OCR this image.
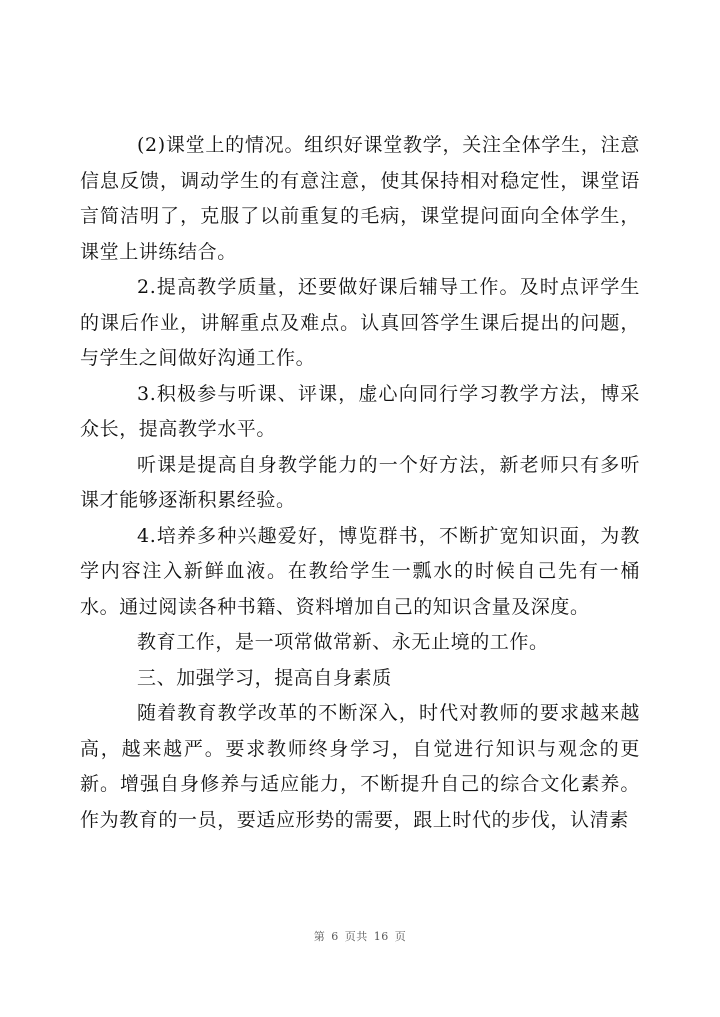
(2)课堂上的情况。组织好课堂教学，关注全体学生，注意信息反馈，调动学生的有意注意，使其保持相对稳定性，课堂语言简洁明了，克服了以前重复的毛病，课堂提问面向全体学生，课堂上讲练结合。

2.提高教学质量，还要做好课后辅导工作。及时点评学生的课后作业，讲解重点及难点。认真回答学生课后提出的问题，与学生之间做好沟通工作。

3.积极参与听课、评课，虚心向同行学习教学方法，博采众长，提高教学水平。

听课是提高自身教学能力的一个好方法，新老师只有多听课才能够逐渐积累经验。

4.培养多种兴趣爱好，博览群书，不断扩宽知识面，为教学内容注入新鲜血液。在教给学生一瓢水的时候自己先有一桶水。通过阅读各种书籍、资料增加自己的知识含量及深度。

教育工作，是一项常做常新、永无止境的工作。

三、加强学习，提高自身素质

随着教育教学改革的不断深入，时代对教师的要求越来越高，越来越严。要求教师终身学习，自觉进行知识与观念的更新。增强自身修养与适应能力，不断提升自己的综合文化素养。作为教育的一员，要适应形势的需要，跟上时代的步伐，认清素

第 6 页共 16 页
